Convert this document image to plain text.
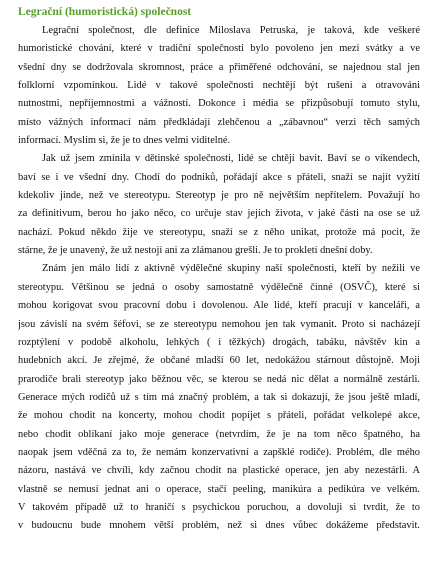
Legrační (humoristická) společnost
Legrační společnost, dle definice Miloslava Petruska, je taková, kde veškeré
humoristické chování, které v tradiční společnosti bylo povoleno jen mezi svátky a ve
všední dny se dodržovala skromnost, práce a přiměřené odchování, se najednou stal jen
folklorní vzpomínkou. Lidé v takové společnosti nechtějí být rušeni a otravováni
nutnostmi, nepříjemnostmi a vážností. Dokonce i média se přizpůsobují tomuto stylu,
místo vážných informací nám předkládají zlehčenou a „zábavnou“ verzi těch samých
informací. Myslím si, že je to dnes velmi viditelné.
Jak už jsem zmínila v dětinské společnosti, lidé se chtějí bavit. Baví se o víkendech,
baví se i ve všední dny. Chodí do podniků, pořádají akce s přáteli, snaží se najít vyžití
kdekoliv jinde, než ve stereotypu. Stereotyp je pro ně největším nepřítelem. Považují ho
za definitivum, berou ho jako něco, co určuje stav jejich života, v jaké části na ose se už
nachází. Pokud někdo žije ve stereotypu, snaží se z něho unikat, protože má pocit, že
stárne, že je unavený, že už nestojí ani za zlámanou grešli. Je to prokletí dnešní doby.
Znám jen málo lidí z aktivně výdělečné skupiny naší společnosti, kteří by nežili ve
stereotypu. Většinou se jedná o osoby samostatně výdělečně činné (OSVČ), které si
mohou korigovat svou pracovní dobu i dovolenou. Ale lidé, kteří pracují v kanceláři, a
jsou závislí na svém šéfovi, se ze stereotypu nemohou jen tak vymanit. Proto si nacházejí
rozptýlení v podobě alkoholu, lehkých ( i těžkých) drogách, tabáku, návštěv kin a
hudebních akcí. Je zřejmé, že občané mladší 60 let, nedokážou stárnout důstojně. Moji
prarodiče brali stereotyp jako běžnou věc, se kterou se nedá nic dělat a normálně zestárli.
Generace mých rodičů už s tím má značný problém, a tak si dokazují, že jsou ještě mladí,
že mohou chodit na koncerty, mohou chodit popíjet s přáteli, pořádat velkolepé akce,
nebo chodit oblíkaní jako moje generace (netvrdím, že je na tom něco špatného, ha
naopak jsem vděčná za to, že nemám konzervativní a zapšklé rodiče). Problém, dle mého
názoru, nastává ve chvíli, kdy začnou chodit na plastické operace, jen aby nezestárli. A
vlastně se nemusí jednat ani o operace, stačí peeling, manikúra a pedikúra ve velkém.
V takovém případě už to hraničí s psychickou poruchou, a dovoluji si tvrdit, že to
v budoucnu bude mnohem větší problém, než si dnes vůbec dokážeme představit.
